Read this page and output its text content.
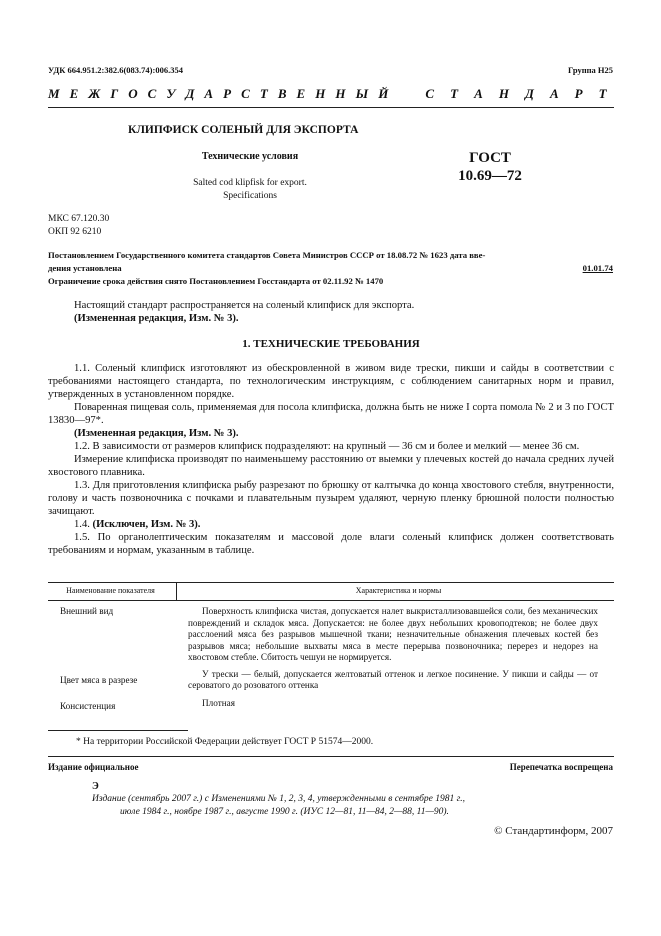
УДК 664.951.2:382.6(083.74):006.354	Группа Н25
М Е Ж Г О С У Д А Р С Т В Е Н Н Ы Й	С Т А Н Д А Р Т
КЛИПФИСК СОЛЕНЫЙ ДЛЯ ЭКСПОРТА
Технические условия
Salted cod klipfisk for export.
Specifications
ГОСТ
10.69—72
МКС 67.120.30
ОКП 92 6210
Постановлением Государственного комитета стандартов Совета Министров СССР от 18.08.72 № 1623 дата вве-
дения установлена	01.01.74
Ограничение срока действия снято Постановлением Госстандарта от 02.11.92 № 1470
Настоящий стандарт распространяется на соленый клипфиск для экспорта.
(Измененная редакция, Изм. № 3).
1. ТЕХНИЧЕСКИЕ ТРЕБОВАНИЯ
1.1. Соленый клипфиск изготовляют из обескровленной в живом виде трески, пикши и сайды в соответствии с требованиями настоящего стандарта, по технологическим инструкциям, с соблюдением санитарных норм и правил, утвержденных в установленном порядке.
Поваренная пищевая соль, применяемая для посола клипфиска, должна быть не ниже I сорта помола № 2 и 3 по ГОСТ 13830—97*.
(Измененная редакция, Изм. № 3).
1.2. В зависимости от размеров клипфиск подразделяют: на крупный — 36 см и более и мелкий — менее 36 см.
Измерение клипфиска производят по наименьшему расстоянию от выемки у плечевых костей до начала средних лучей хвостового плавника.
1.3. Для приготовления клипфиска рыбу разрезают по брюшку от калтычка до конца хвостового стебля, внутренности, голову и часть позвоночника с почками и плавательным пузырем удаляют, черную пленку брюшной полости полностью зачищают.
1.4. (Исключен, Изм. № 3).
1.5. По органолептическим показателям и массовой доле влаги соленый клипфиск должен соответствовать требованиям и нормам, указанным в таблице.
Наименование показателя	Характеристика и нормы
Внешний вид	Поверхность клипфиска чистая, допускается налет выкристаллизовавшейся соли, без механических повреждений и складок мяса. Допускается: не более двух небольших кровоподтеков; не более двух расслоений мяса без разрывов мышечной ткани; незначительные обнажения плечевых костей без разрывов мяса; небольшие выхваты мяса в месте перерыва позвоночника; перерез и недорез на хвостовом стебле. Сбитость чешуи не нормируется.
Цвет мяса в разрезе	У трески — белый, допускается желтоватый оттенок и легкое посинение. У пикши и сайды — от сероватого до розоватого оттенка
Консистенция	Плотная
* На территории Российской Федерации действует ГОСТ Р 51574—2000.
Издание официальное	Перепечатка воспрещена
Э
Издание (сентябрь 2007 г.) с Изменениями № 1, 2, 3, 4, утвержденными в сентябре 1981 г.,
июле 1984 г., ноябре 1987 г., августе 1990 г. (ИУС 12—81, 11—84, 2—88, 11—90).
© Стандартинформ, 2007
